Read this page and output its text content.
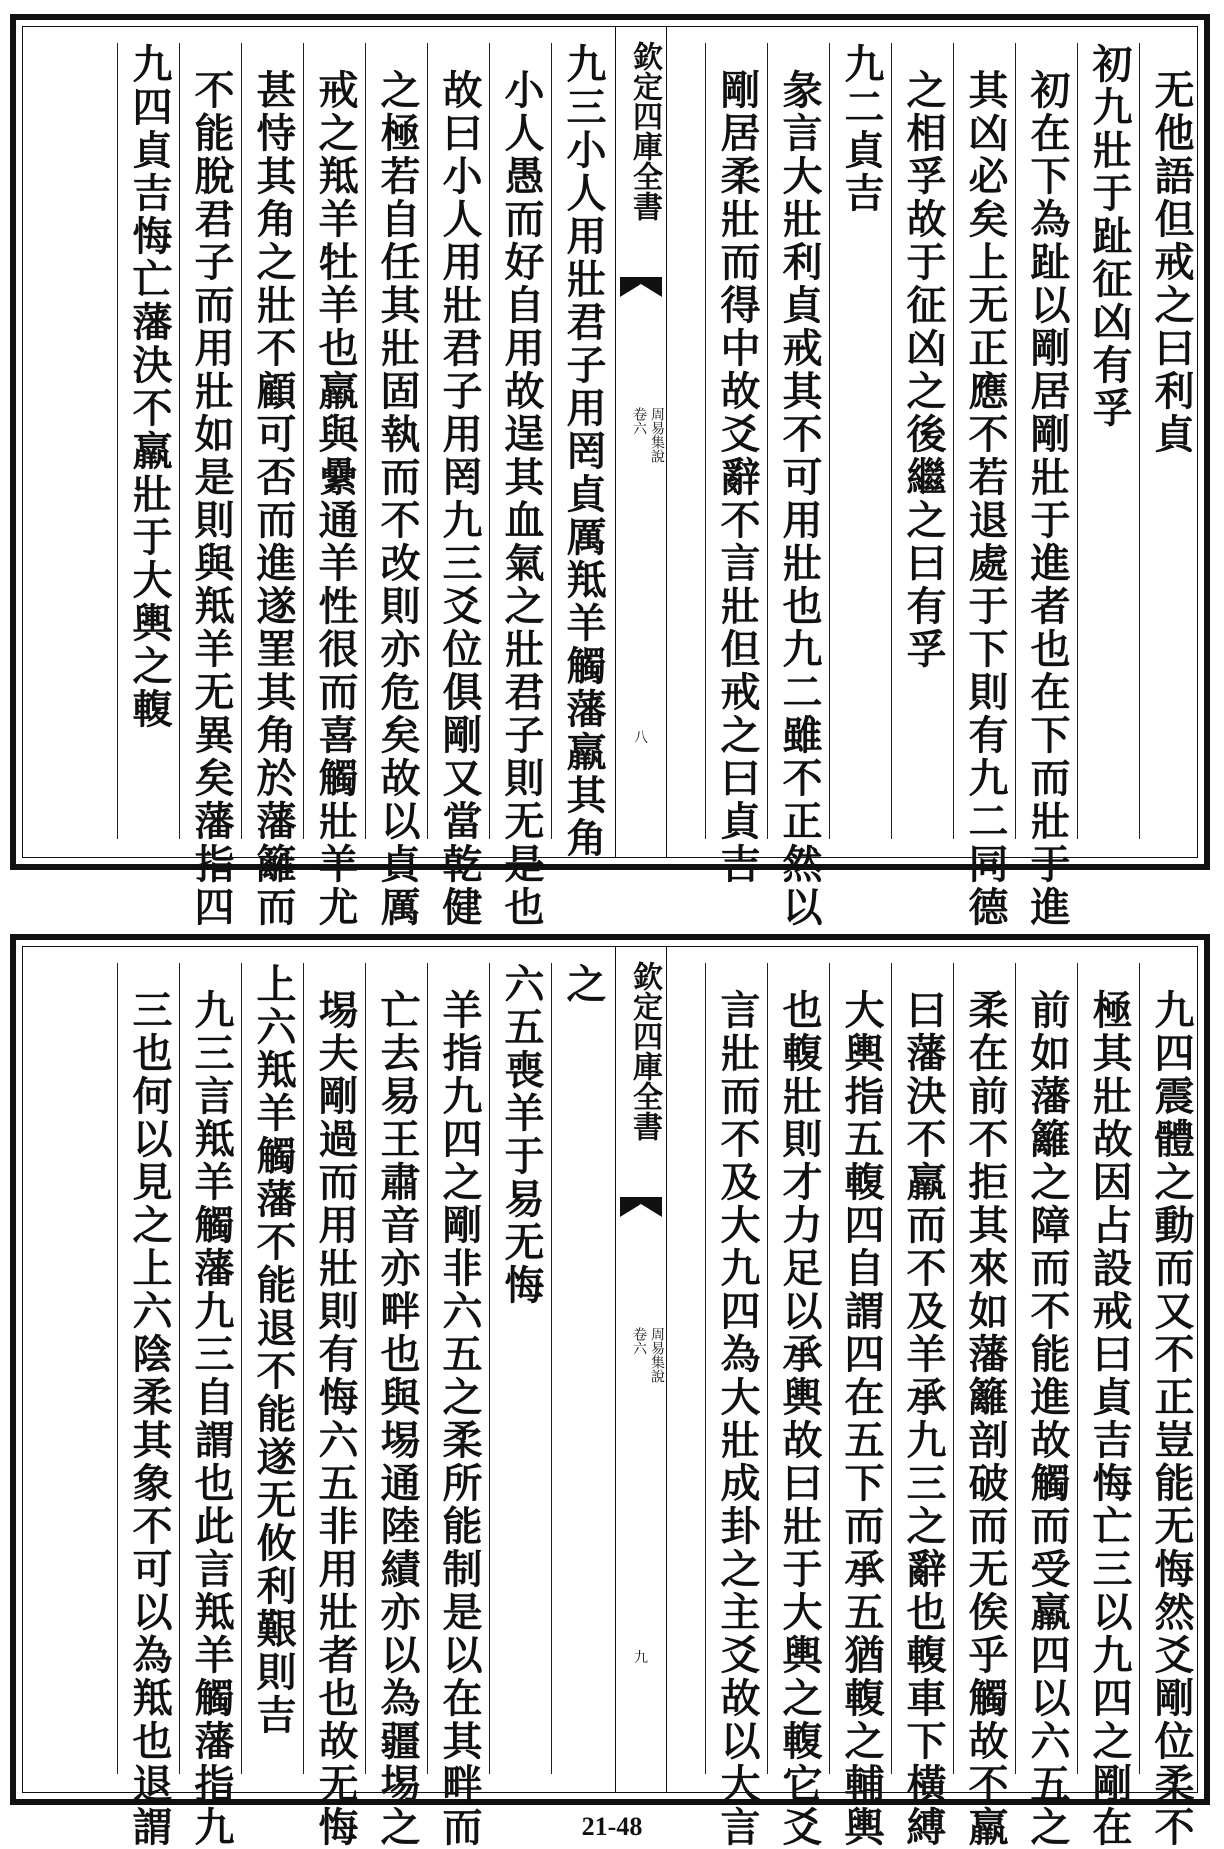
无他語但戒之曰利貞
初九壯于趾征凶有孚
初在下為趾以剛居剛壯于進者也在下而壯于進
其凶必矣上无正應不若退處于下則有九二同德
之相孚故于征凶之後繼之曰有孚
九二貞吉
彖言大壯利貞戒其不可用壯也九二雖不正然以
剛居柔壯而得中故爻辭不言壯但戒之曰貞吉
欽定四庫全書
周易集說
卷六
八
九三小人用壯君子用罔貞厲羝羊觸藩羸其角
小人愚而好自用故逞其血氣之壯君子則无是也
故曰小人用壯君子用罔九三爻位俱剛又當乾健
之極若自任其壯固執而不改則亦危矣故以貞厲
戒之羝羊牡羊也羸與纍通羊性很而喜觸壯羊尤
甚恃其角之壯不顧可否而進遂罣其角於藩籬而
不能脫君子而用壯如是則與羝羊无異矣藩指四
九四貞吉悔亡藩決不羸壯于大輿之輹
九四震體之動而又不正豈能无悔然爻剛位柔不
極其壯故因占設戒曰貞吉悔亡三以九四之剛在
前如藩籬之障而不能進故觸而受羸四以六五之
柔在前不拒其來如藩籬剖破而无俟乎觸故不羸
曰藩決不羸而不及羊承九三之辭也輹車下橫縛
大輿指五輹四自謂四在五下而承五猶輹之輔輿
也輹壯則才力足以承輿故曰壯于大輿之輹它爻
言壯而不及大九四為大壯成卦之主爻故以大言
欽定四庫全書
周易集說
卷六
九
之
六五喪羊于易无悔
羊指九四之剛非六五之柔所能制是以在其畔而
亡去易王肅音亦畔也與埸通陸績亦以為疆埸之
埸夫剛過而用壯則有悔六五非用壯者也故无悔
上六羝羊觸藩不能退不能遂无攸利艱則吉
九三言羝羊觸藩九三自謂也此言羝羊觸藩指九
三也何以見之上六陰柔其象不可以為羝也退謂	21-48
